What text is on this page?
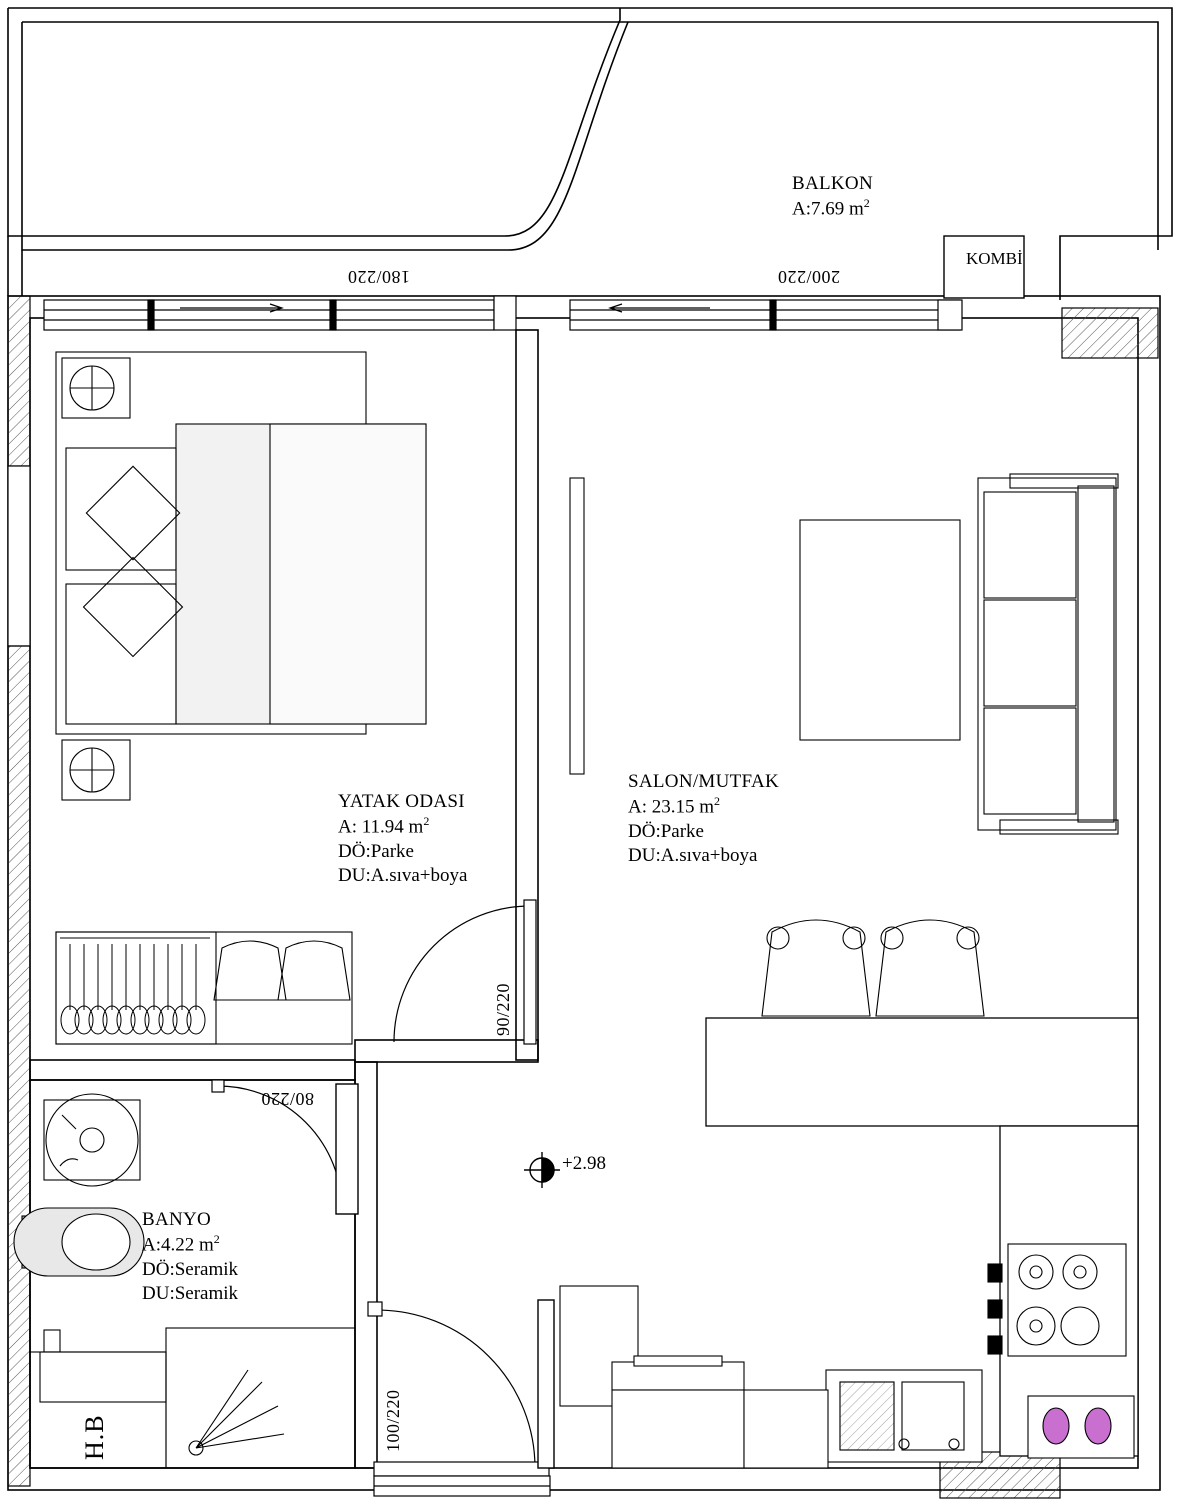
BALKON
A:7.69 $m^2$
KOMBİ
YATAK ODASI
A: 11.94 $m^2$
DÖ:Parke
DU:A.sıva+boya
SALON/MUTFAK
A: 23.15 $m^2$
DÖ:Parke
DU:A.sıva+boya
BANYO
A:4.22 $m^2$
DÖ:Seramik
DU:Seramik
+2.98
H.B
180/220	200/220
90/220
80/220
100/220
